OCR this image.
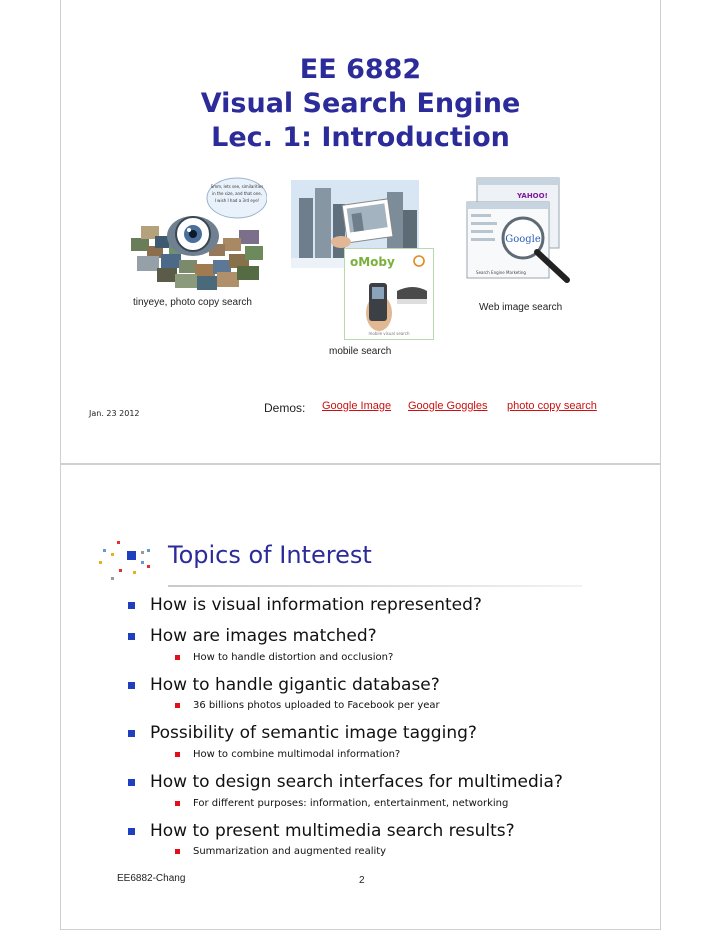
EE 6882
Visual Search Engine
Lec. 1: Introduction
Smm, lets see, similarities
in the size, and that one,
I wish I had a 3rd eye!
tinyeye, photo copy search
oMoby
mobile visual search
mobile search
YAHOO!
Google
Search Engine Marketing
Web image search
Jan. 23 2012	Demos: Google Image Google Goggles photo copy search
Topics of Interest
How is visual information represented?
How are images matched?
How to handle distortion and occlusion?
How to handle gigantic database?
36 billions photos uploaded to Facebook per year
Possibility of semantic image tagging?
How to combine multimodal information?
How to design search interfaces for multimedia?
For different purposes: information, entertainment, networking
How to present multimedia search results?
Summarization and augmented reality
EE6882-Chang	2
